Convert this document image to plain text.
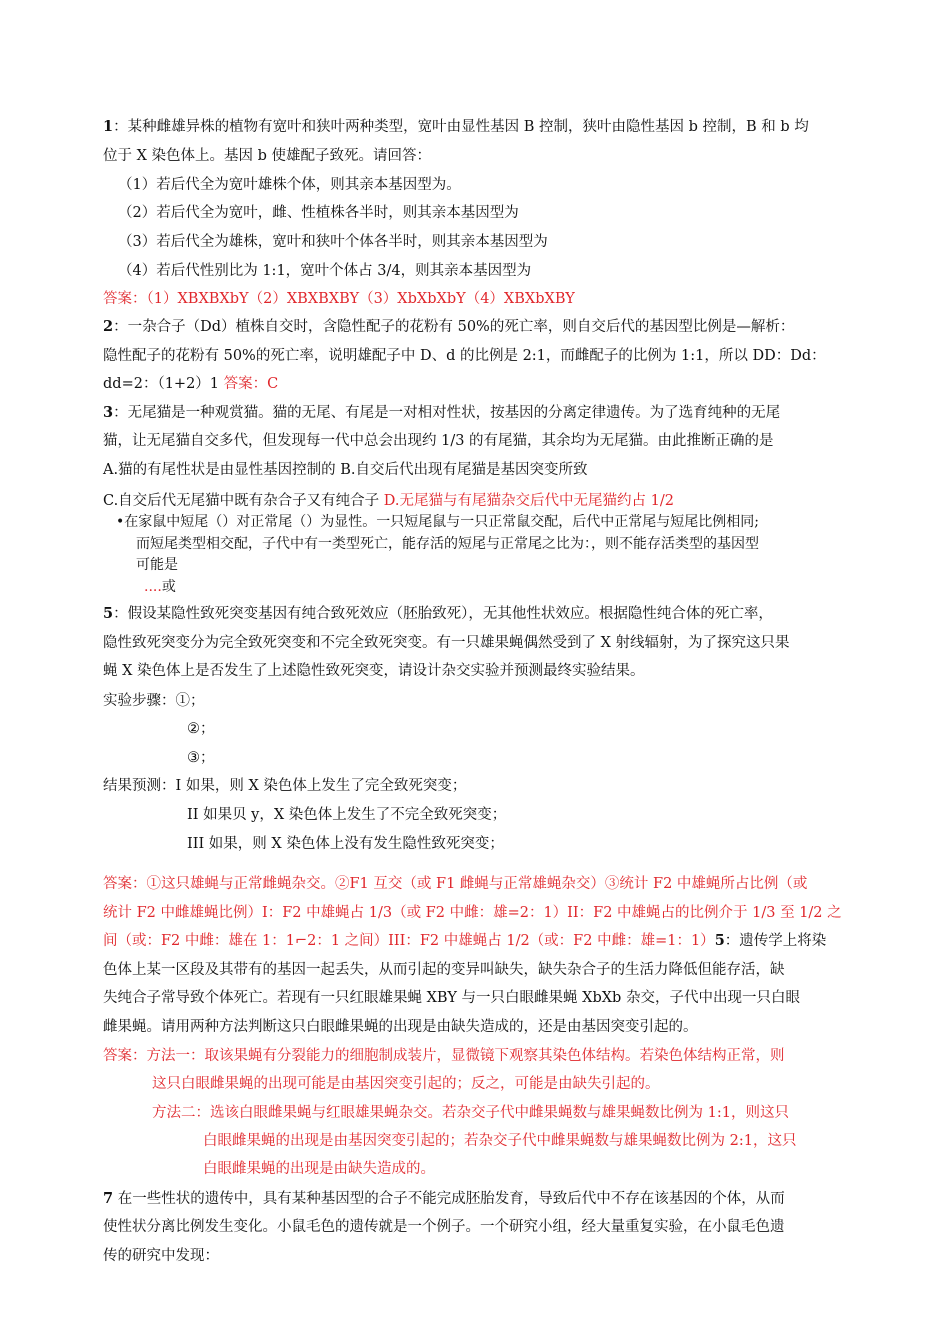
1：某种雌雄异株的植物有宽叶和狭叶两种类型，宽叶由显性基因 B 控制，狭叶由隐性基因 b 控制，B 和 b 均
位于 X 染色体上。基因 b 使雄配子致死。请回答：
（1）若后代全为宽叶雄株个体，则其亲本基因型为。
（2）若后代全为宽叶，雌、性植株各半时，则其亲本基因型为
（3）若后代全为雄株，宽叶和狭叶个体各半时，则其亲本基因型为
（4）若后代性别比为 1:1，宽叶个体占 3/4，则其亲本基因型为
答案：（1）XBXBXbY（2）XBXBXBY（3）XbXbXbY（4）XBXbXBY
2：一杂合子（Dd）植株自交时，含隐性配子的花粉有 50%的死亡率，则自交后代的基因型比例是—解析：
隐性配子的花粉有 50%的死亡率，说明雄配子中 D、d 的比例是 2:1，而雌配子的比例为 1:1，所以 DD：Dd：
dd=2：（1+2）1 答案：C
3：无尾猫是一种观赏猫。猫的无尾、有尾是一对相对性状，按基因的分离定律遗传。为了选育纯种的无尾
猫，让无尾猫自交多代，但发现每一代中总会出现约 1/3 的有尾猫，其余均为无尾猫。由此推断正确的是
A.猫的有尾性状是由显性基因控制的 B.自交后代出现有尾猫是基因突变所致
C.自交后代无尾猫中既有杂合子又有纯合子 D.无尾猫与有尾猫杂交后代中无尾猫约占 1/2
•在家鼠中短尾（）对正常尾（）为显性。一只短尾鼠与一只正常鼠交配，后代中正常尾与短尾比例相同;
而短尾类型相交配，子代中有一类型死亡，能存活的短尾与正常尾之比为：，则不能存活类型的基因型
可能是
....或
5：假设某隐性致死突变基因有纯合致死效应（胚胎致死），无其他性状效应。根据隐性纯合体的死亡率，
隐性致死突变分为完全致死突变和不完全致死突变。有一只雄果蝇偶然受到了 X 射线辐射，为了探究这只果
蝇 X 染色体上是否发生了上述隐性致死突变，请设计杂交实验并预测最终实验结果。
实验步骤：①；
②；
③；
结果预测：I 如果，则 X 染色体上发生了完全致死突变；
II 如果贝 y，X 染色体上发生了不完全致死突变；
III 如果，则 X 染色体上没有发生隐性致死突变；
答案：①这只雄蝇与正常雌蝇杂交。②F1 互交（或 F1 雌蝇与正常雄蝇杂交）③统计 F2 中雄蝇所占比例（或
统计 F2 中雌雄蝇比例）I：F2 中雄蝇占 1/3（或 F2 中雌：雄=2：1）II：F2 中雄蝇占的比例介于 1/3 至 1/2 之
间（或：F2 中雌：雄在 1：1⌐2：1 之间）III：F2 中雄蝇占 1/2（或：F2 中雌：雄=1：1）5：遗传学上将染
色体上某一区段及其带有的基因一起丢失，从而引起的变异叫缺失，缺失杂合子的生活力降低但能存活，缺
失纯合子常导致个体死亡。若现有一只红眼雄果蝇 XBY 与一只白眼雌果蝇 XbXb 杂交，子代中出现一只白眼
雌果蝇。请用两种方法判断这只白眼雌果蝇的出现是由缺失造成的，还是由基因突变引起的。
答案：方法一：取该果蝇有分裂能力的细胞制成装片，显微镜下观察其染色体结构。若染色体结构正常，则
这只白眼雌果蝇的出现可能是由基因突变引起的；反之，可能是由缺失引起的。
方法二：选该白眼雌果蝇与红眼雄果蝇杂交。若杂交子代中雌果蝇数与雄果蝇数比例为 1:1，则这只
白眼雌果蝇的出现是由基因突变引起的；若杂交子代中雌果蝇数与雄果蝇数比例为 2:1，这只
白眼雌果蝇的出现是由缺失造成的。
7 在一些性状的遗传中，具有某种基因型的合子不能完成胚胎发育，导致后代中不存在该基因的个体，从而
使性状分离比例发生变化。小鼠毛色的遗传就是一个例子。一个研究小组，经大量重复实验，在小鼠毛色遗
传的研究中发现：
